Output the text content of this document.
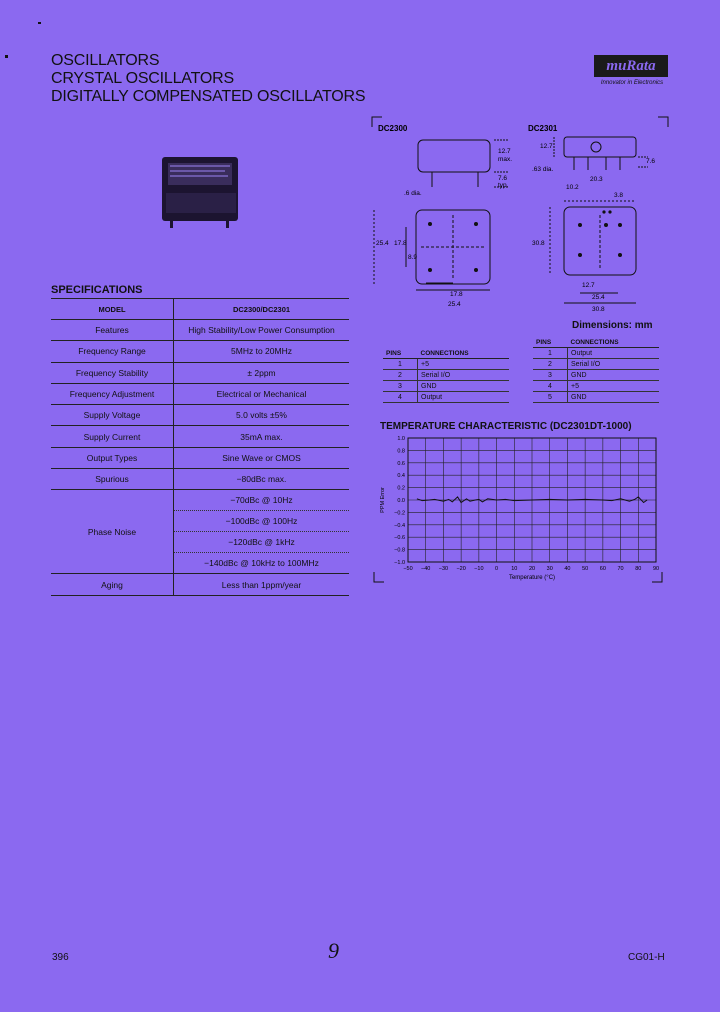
OSCILLATORS
CRYSTAL OSCILLATORS
DIGITALLY COMPENSATED OSCILLATORS
muRata
Innovator in Electronics
SPECIFICATIONS
MODEL	DC2300/DC2301
Features	High Stability/Low Power Consumption
Frequency Range	5MHz to 20MHz
Frequency Stability	± 2ppm
Frequency Adjustment	Electrical or Mechanical
Supply Voltage	5.0 volts ±5%
Supply Current	35mA max.
Output Types	Sine Wave or CMOS
Spurious	−80dBc max.
Phase Noise	−70dBc @ 10Hz
	−100dBc @ 100Hz
	−120dBc @ 1kHz
	−140dBc @ 10kHz to 100MHz
Aging	Less than 1ppm/year
DC2300	DC2301
12.7
max.
7.6
typ.
.6 dia.
25.4 17.8
8.9
17.8
25.4
12.7
.63 dia.
7.6
20.3
10.2
3.8
30.8
12.7
25.4
30.8
Dimensions: mm
PINS	CONNECTIONS
1	+5
2	Serial I/O
3	GND
4	Output
PINS	CONNECTIONS
1	Output
2	Serial I/O
3	GND
4	+5
5	GND
TEMPERATURE CHARACTERISTIC (DC2301DT-1000)
1.0
0.8
0.6
0.4
0.2
0.0
−0.2
−0.4
−0.6
−0.8
−1.0
−50 −40 −30 −20 −10 0 10 20 30 40 50 60 70 80 90
PPM Error
Temperature (°C)
396	9	CG01-H
